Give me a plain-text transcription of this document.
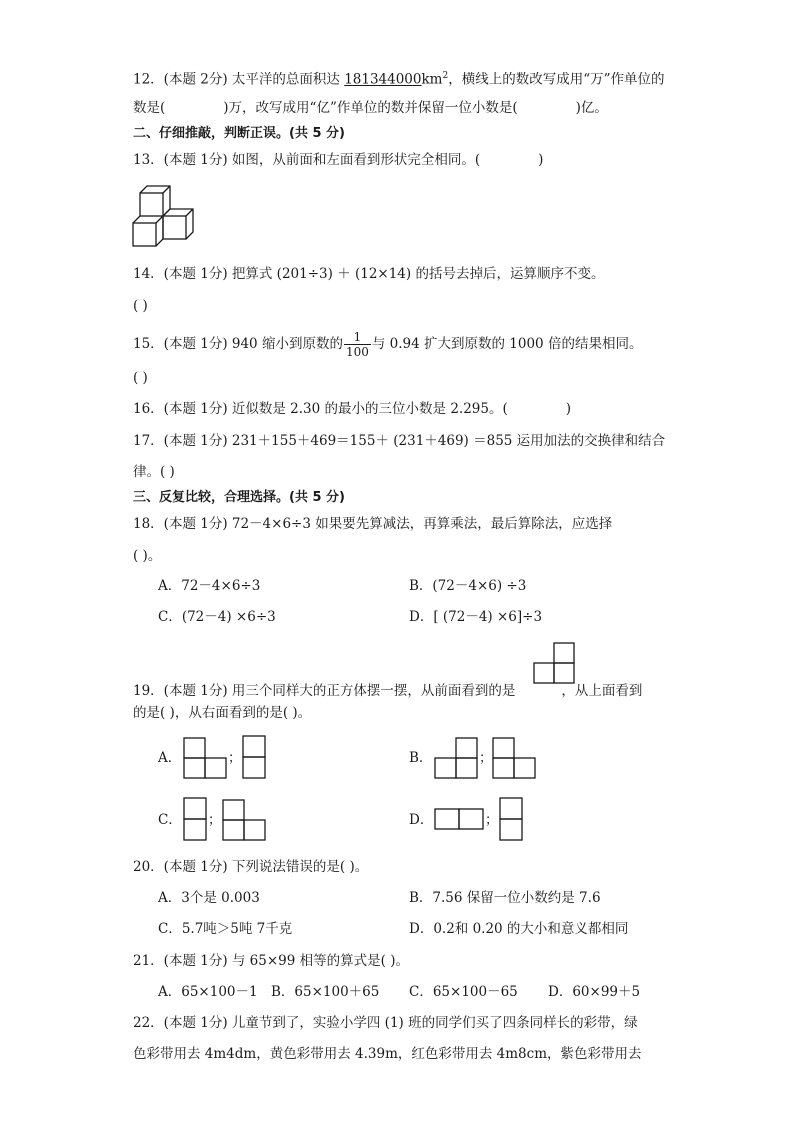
12．(本题 2分) 太平洋的总面积达 $181344000km^2$，横线上的数改写成用“万”作单位的
数是(	)万，改写成用“亿”作单位的数并保留一位小数是(	)亿。
二、仔细推敲，判断正误。(共 5 分)
13．(本题 1分) 如图，从前面和左面看到形状完全相同。(	)
14．(本题 1分) 把算式 (201÷3) ＋ (12×14) 的括号去掉后，运算顺序不变。
( )
15．(本题 1分) 940 缩小到原数的 $\frac{1}{100}$ 与 0.94 扩大到原数的 1000 倍的结果相同。
( )
16．(本题 1分) 近似数是 2.30 的最小的三位小数是 2.295。(	)
17．(本题 1分) 231＋155＋469＝155＋ (231＋469) ＝855 运用加法的交换律和结合
律。( )
三、反复比较，合理选择。(共 5 分)
18．(本题 1分) 72－4×6÷3 如果要先算减法，再算乘法，最后算除法，应选择
( )。
A．72－4×6÷3	B．(72－4×6) ÷3
C．(72－4) ×6÷3	D．[ (72－4) ×6]÷3
19．(本题 1分) 用三个同样大的正方体摆一摆，从前面看到的是	，从上面看到
的是( )，从右面看到的是( )。
A．	；	B．	；
C． ；	D．	；
20．(本题 1分) 下列说法错误的是( )。
A．3个是 0.003	B．7.56 保留一位小数约是 7.6
C．5.7吨＞5吨 7千克	D．0.2和 0.20 的大小和意义都相同
21．(本题 1分) 与 65×99 相等的算式是( )。
A．65×100－1 B．65×100＋65 C．65×100－65 D．60×99＋5
22．(本题 1分) 儿童节到了，实验小学四 (1) 班的同学们买了四条同样长的彩带，绿
色彩带用去 4m4dm，黄色彩带用去 4.39m，红色彩带用去 4m8cm，紫色彩带用去
